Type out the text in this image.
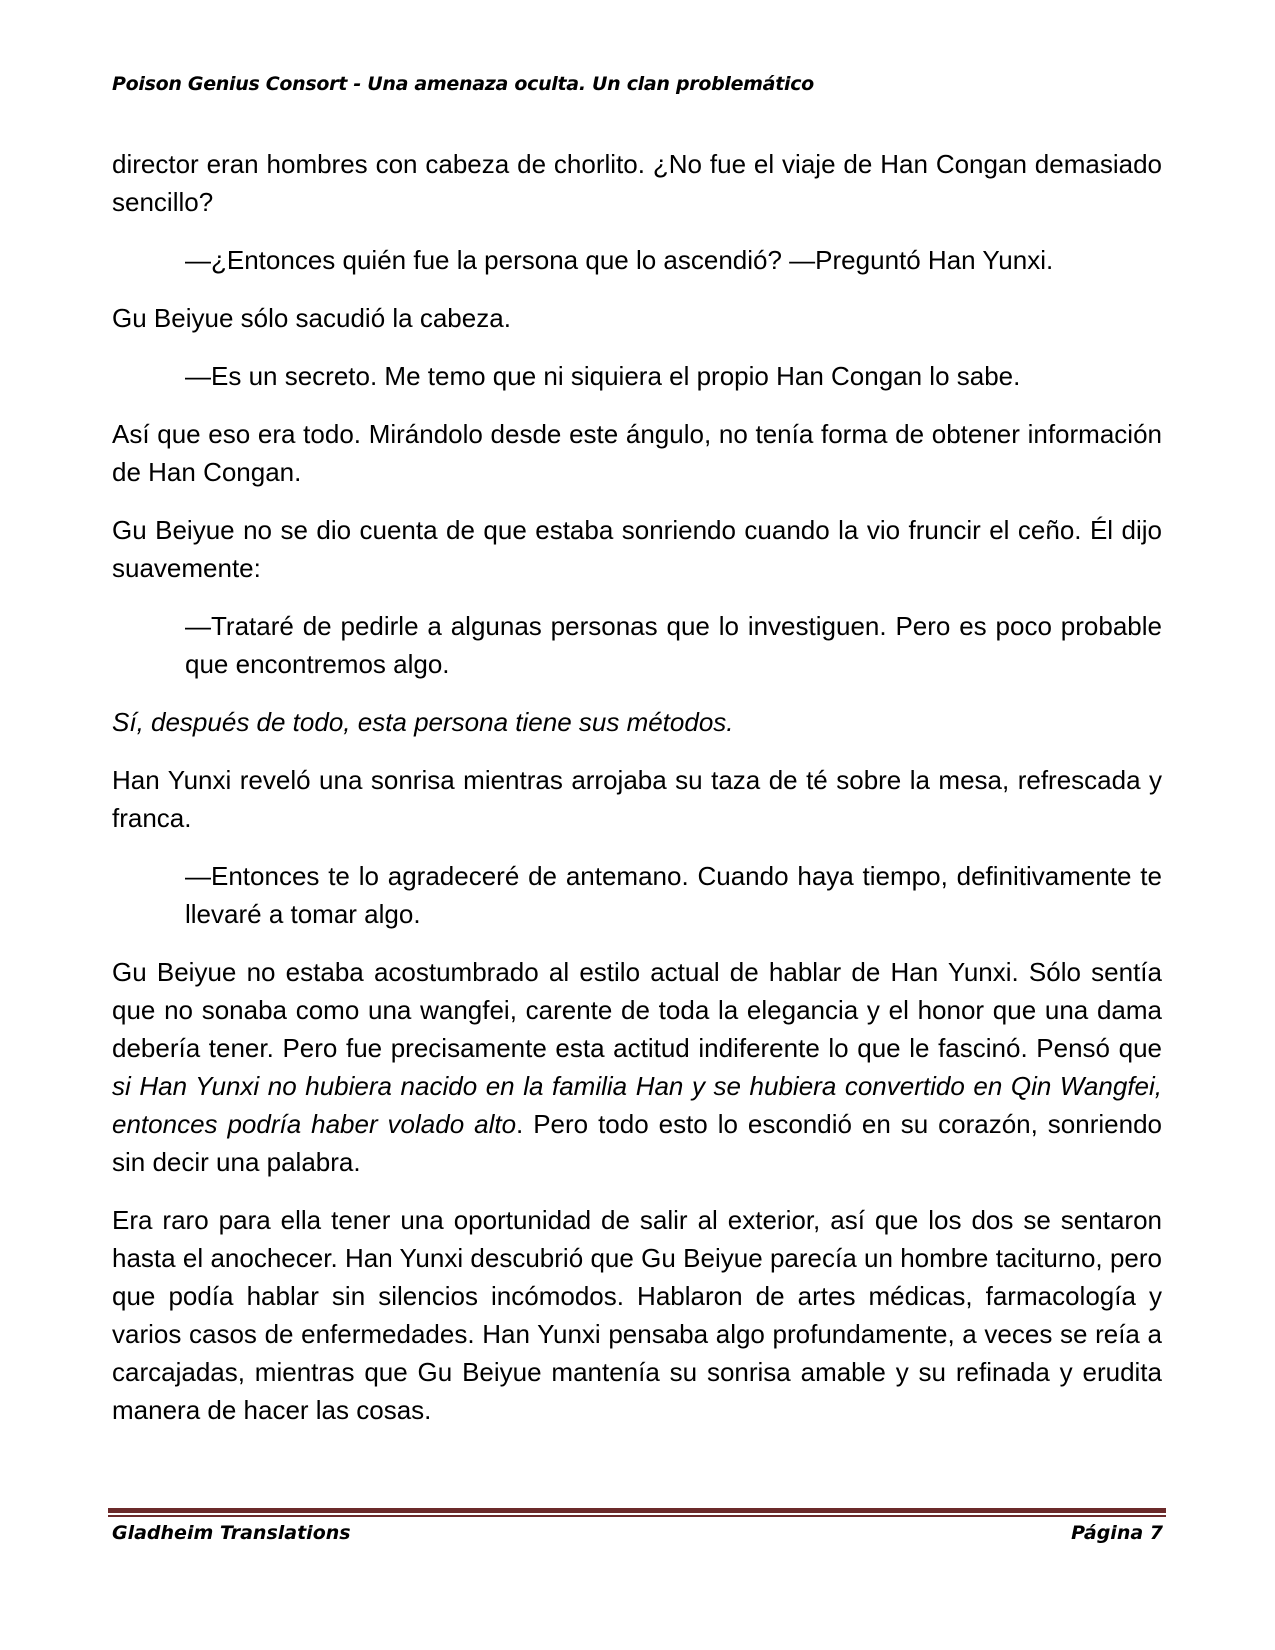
Poison Genius Consort - Una amenaza oculta. Un clan problemático

director eran hombres con cabeza de chorlito. ¿No fue el viaje de Han Congan demasiado sencillo?

—¿Entonces quién fue la persona que lo ascendió? —Preguntó Han Yunxi.

Gu Beiyue sólo sacudió la cabeza.

—Es un secreto. Me temo que ni siquiera el propio Han Congan lo sabe.

Así que eso era todo. Mirándolo desde este ángulo, no tenía forma de obtener información de Han Congan.

Gu Beiyue no se dio cuenta de que estaba sonriendo cuando la vio fruncir el ceño. Él dijo suavemente:

—Trataré de pedirle a algunas personas que lo investiguen. Pero es poco probable que encontremos algo.

Sí, después de todo, esta persona tiene sus métodos.

Han Yunxi reveló una sonrisa mientras arrojaba su taza de té sobre la mesa, refrescada y franca.

—Entonces te lo agradeceré de antemano. Cuando haya tiempo, definitivamente te llevaré a tomar algo.

Gu Beiyue no estaba acostumbrado al estilo actual de hablar de Han Yunxi. Sólo sentía que no sonaba como una wangfei, carente de toda la elegancia y el honor que una dama debería tener. Pero fue precisamente esta actitud indiferente lo que le fascinó. Pensó que si Han Yunxi no hubiera nacido en la familia Han y se hubiera convertido en Qin Wangfei, entonces podría haber volado alto. Pero todo esto lo escondió en su corazón, sonriendo sin decir una palabra.

Era raro para ella tener una oportunidad de salir al exterior, así que los dos se sentaron hasta el anochecer. Han Yunxi descubrió que Gu Beiyue parecía un hombre taciturno, pero que podía hablar sin silencios incómodos. Hablaron de artes médicas, farmacología y varios casos de enfermedades. Han Yunxi pensaba algo profundamente, a veces se reía a carcajadas, mientras que Gu Beiyue mantenía su sonrisa amable y su refinada y erudita manera de hacer las cosas.

Gladheim Translations	Página 7
